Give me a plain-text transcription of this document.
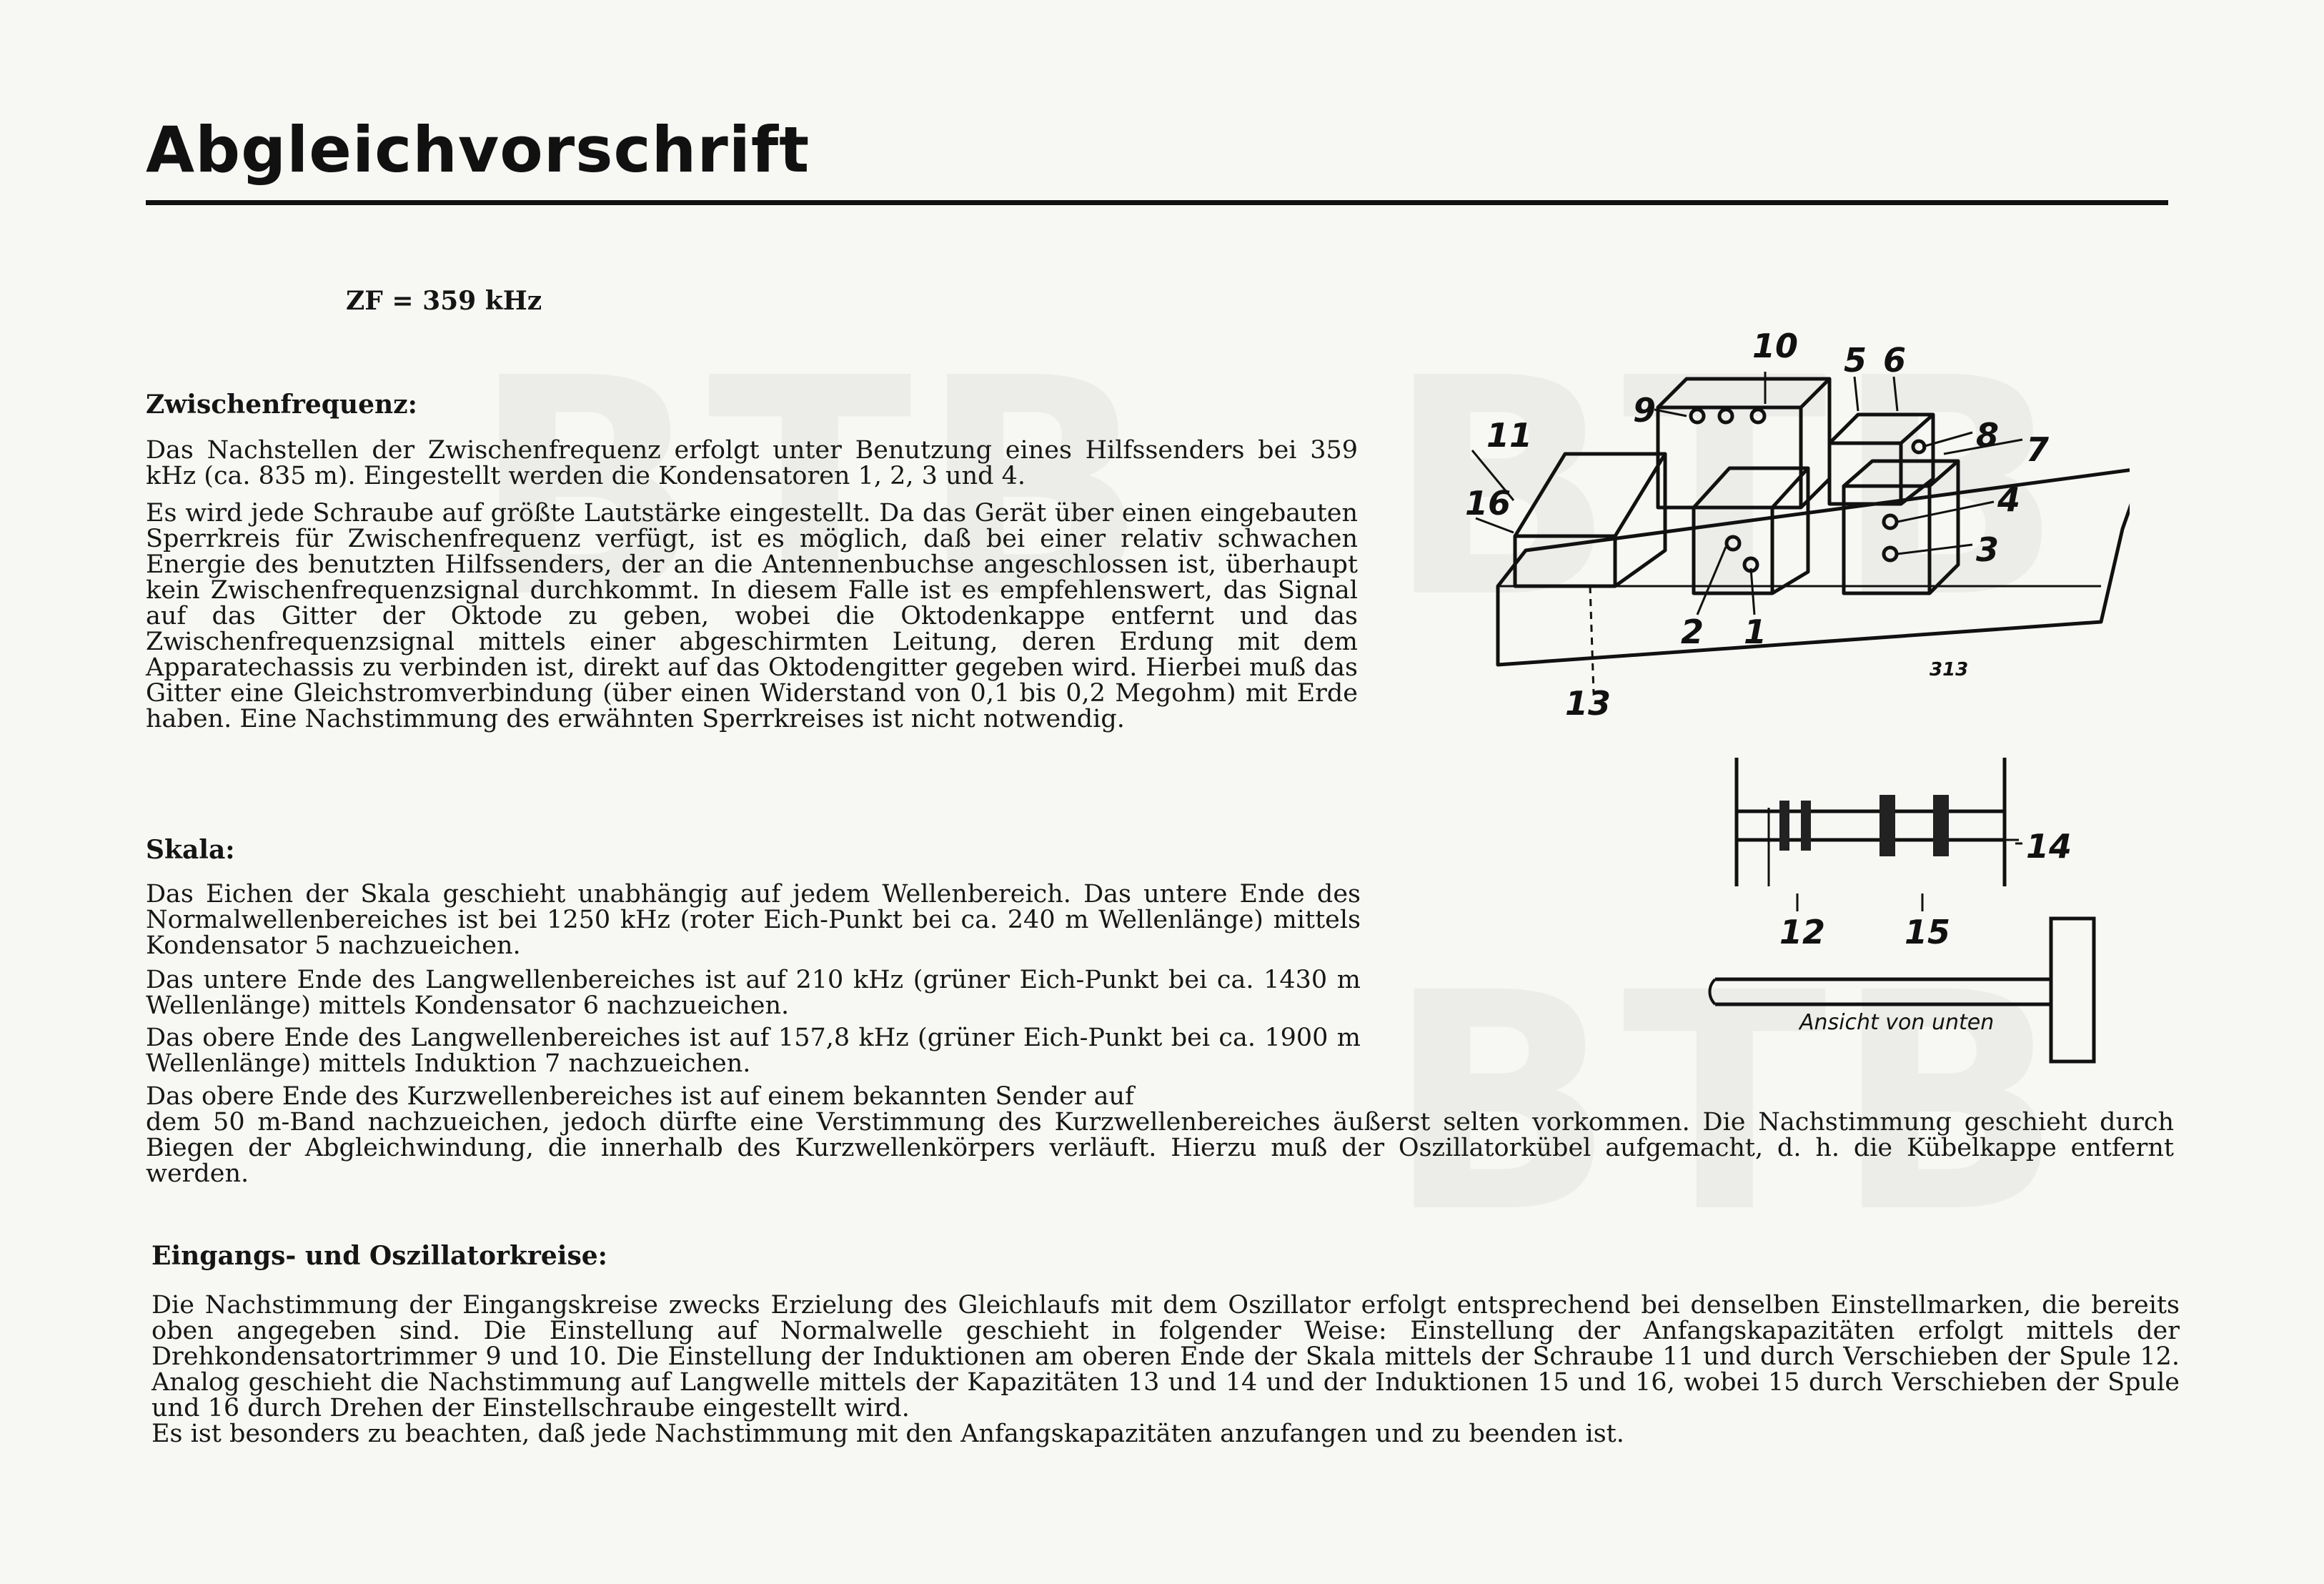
Abgleichvorschrift

ZF = 359 kHz

Zwischenfrequenz:

Das Nachstellen der Zwischenfrequenz erfolgt unter Benutzung eines Hilfssenders bei 359 kHz (ca. 835 m). Eingestellt werden die Kondensatoren 1, 2, 3 und 4.

Es wird jede Schraube auf größte Lautstärke eingestellt. Da das Gerät über einen eingebauten Sperrkreis für Zwischenfrequenz verfügt, ist es möglich, daß bei einer relativ schwachen Energie des benutzten Hilfssenders, der an die Antennenbuchse angeschlossen ist, überhaupt kein Zwischenfrequenzsignal durchkommt. In diesem Falle ist es empfehlenswert, das Signal auf das Gitter der Oktode zu geben, wobei die Oktodenkappe entfernt und das Zwischenfrequenzsignal mittels einer abgeschirmten Leitung, deren Erdung mit dem Apparatechassis zu verbinden ist, direkt auf das Oktodengitter gegeben wird. Hierbei muß das Gitter eine Gleichstromverbindung (über einen Widerstand von 0,1 bis 0,2 Megohm) mit Erde haben. Eine Nachstimmung des erwähnten Sperrkreises ist nicht notwendig.

Skala:

Das Eichen der Skala geschieht unabhängig auf jedem Wellenbereich. Das untere Ende des Normalwellenbereiches ist bei 1250 kHz (roter Eich-Punkt bei ca. 240 m Wellenlänge) mittels Kondensator 5 nachzueichen.

Das untere Ende des Langwellenbereiches ist auf 210 kHz (grüner Eich-Punkt bei ca. 1430 m Wellenlänge) mittels Kondensator 6 nachzueichen.

Das obere Ende des Langwellenbereiches ist auf 157,8 kHz (grüner Eich-Punkt bei ca. 1900 m Wellenlänge) mittels Induktion 7 nachzueichen.

Das obere Ende des Kurzwellenbereiches ist auf einem bekannten Sender auf

dem 50 m-Band nachzueichen, jedoch dürfte eine Verstimmung des Kurzwellenbereiches äußerst selten vorkommen. Die Nachstimmung geschieht durch Biegen der Abgleichwindung, die innerhalb des Kurzwellenkörpers verläuft. Hierzu muß der Oszillatorkübel aufgemacht, d. h. die Kübelkappe entfernt werden.

Eingangs- und Oszillatorkreise:

Die Nachstimmung der Eingangskreise zwecks Erzielung des Gleichlaufs mit dem Oszillator erfolgt entsprechend bei denselben Einstellmarken, die bereits oben angegeben sind. Die Einstellung auf Normalwelle geschieht in folgender Weise: Einstellung der Anfangskapazitäten erfolgt mittels der Drehkondensatortrimmer 9 und 10. Die Einstellung der Induktionen am oberen Ende der Skala mittels der Schraube 11 und durch Verschieben der Spule 12. Analog geschieht die Nachstimmung auf Langwelle mittels der Kapazitäten 13 und 14 und der Induktionen 15 und 16, wobei 15 durch Verschieben der Spule und 16 durch Drehen der Einstellschraube eingestellt wird.

Es ist besonders zu beachten, daß jede Nachstimmung mit den Anfangskapazitäten anzufangen und zu beenden ist.

10
9
5 6
8 7
4
3
11
16
2 1
13
313
14
12 15
Ansicht von unten
